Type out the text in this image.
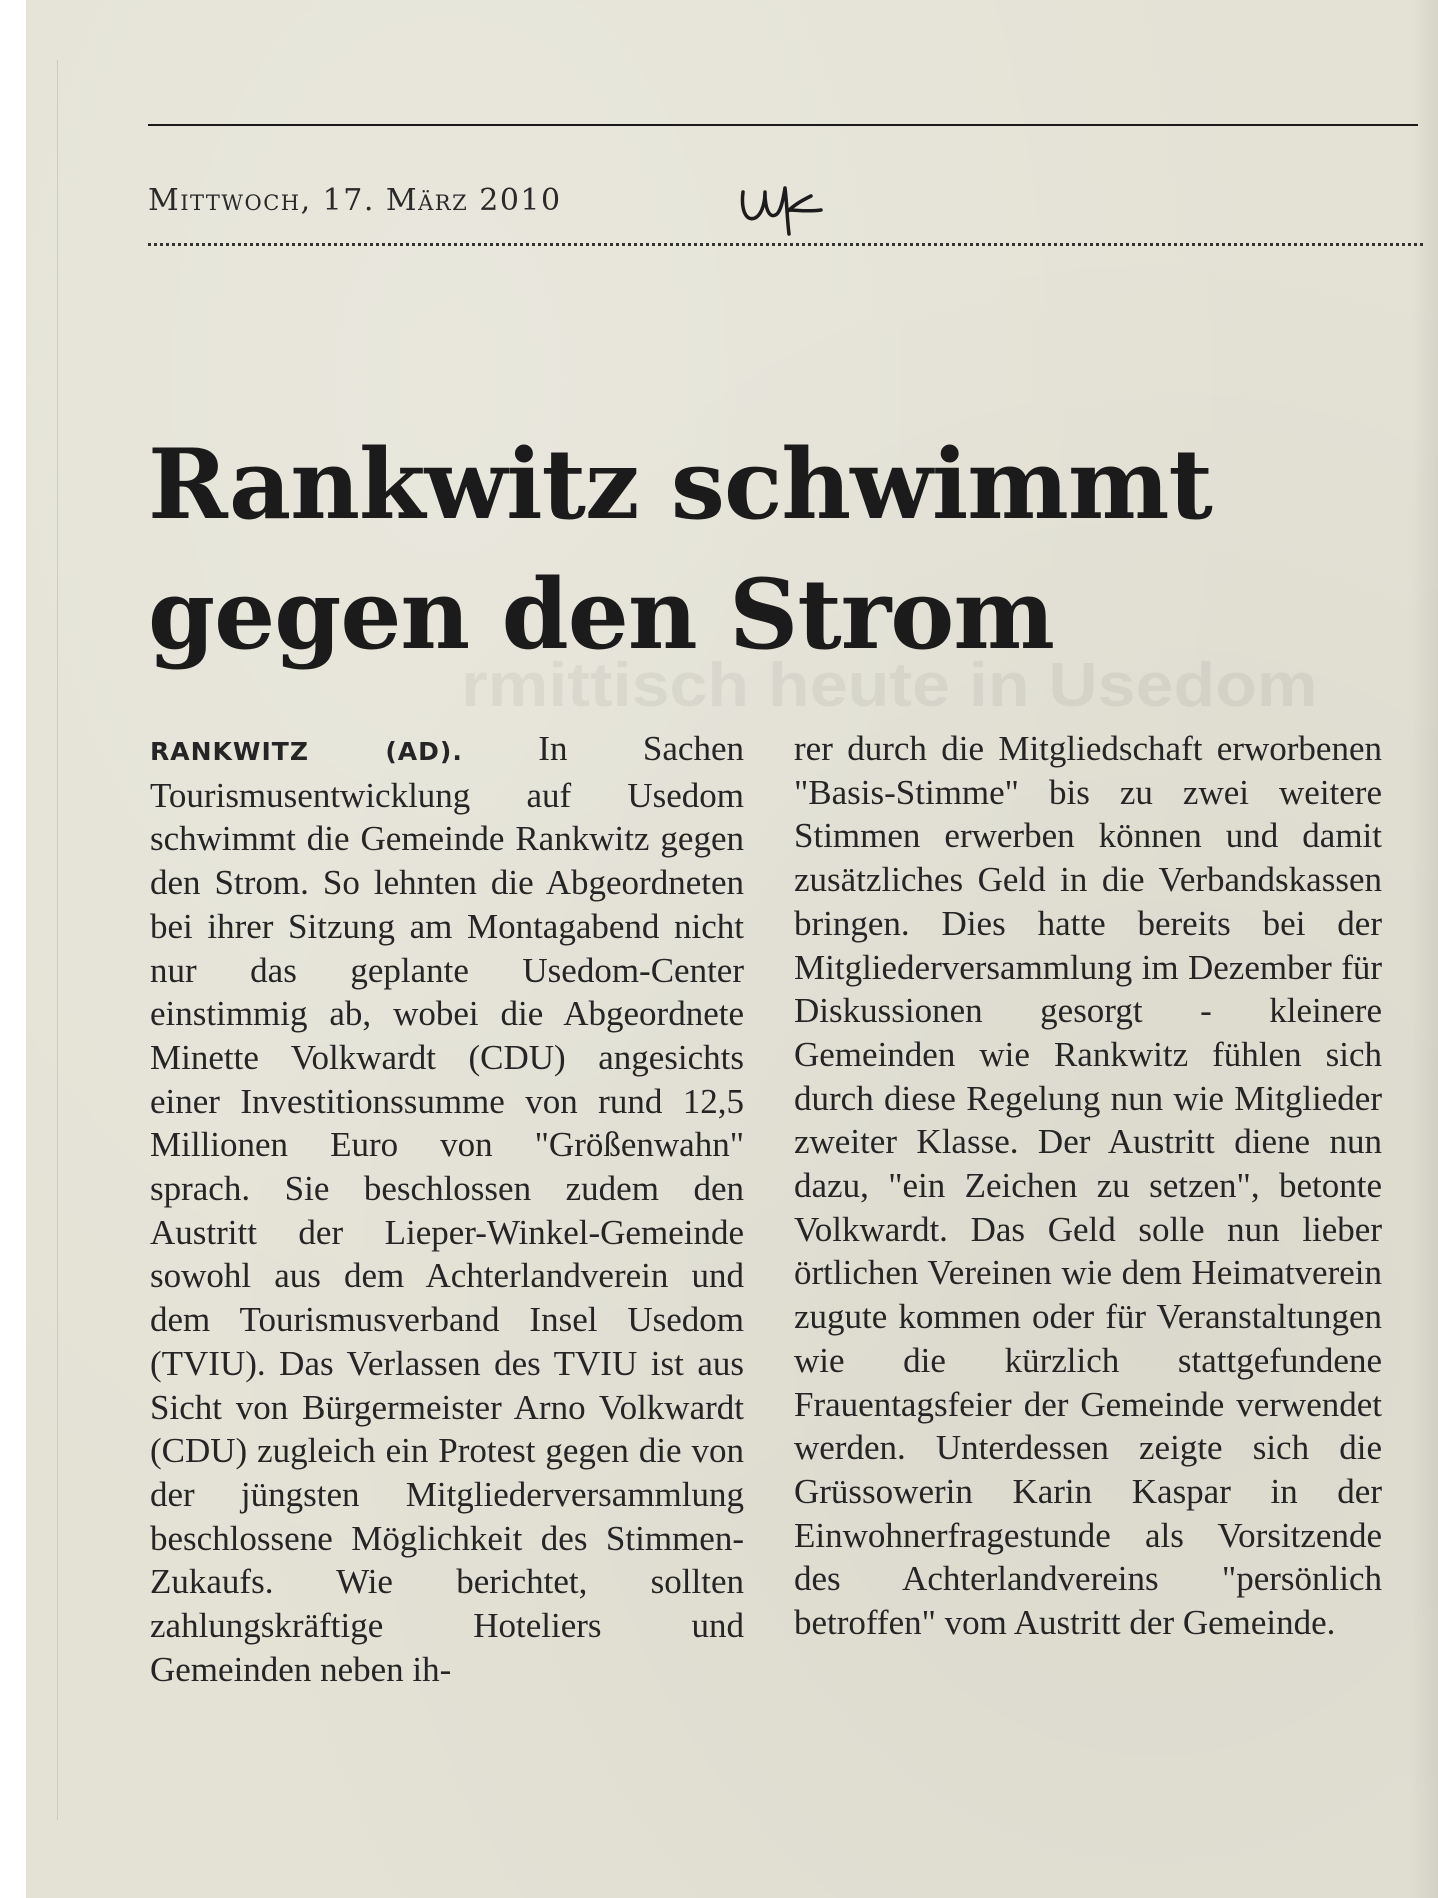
Mittwoch, 17. März 2010
rmittisch heute in Usedom
Rankwitz schwimmt
gegen den Strom

RANKWITZ (AD). In Sachen Tourismusentwicklung auf Usedom schwimmt die Gemeinde Rankwitz gegen den Strom. So lehnten die Abgeordneten bei ihrer Sitzung am Montagabend nicht nur das geplante Usedom-Center einstimmig ab, wobei die Abgeordnete Minette Volkwardt (CDU) angesichts einer Investitionssumme von rund 12,5 Millionen Euro von "Größenwahn" sprach. Sie beschlossen zudem den Austritt der Lieper-Winkel-Gemeinde sowohl aus dem Achterlandverein und dem Tourismusverband Insel Usedom (TVIU). Das Verlassen des TVIU ist aus Sicht von Bürgermeister Arno Volkwardt (CDU) zugleich ein Protest gegen die von der jüngsten Mitgliederversammlung beschlossene Möglichkeit des Stimmen-Zukaufs. Wie berichtet, sollten zahlungskräftige Hoteliers und Gemeinden neben ih-

rer durch die Mitgliedschaft erworbenen "Basis-Stimme" bis zu zwei weitere Stimmen erwerben können und damit zusätzliches Geld in die Verbandskassen bringen. Dies hatte bereits bei der Mitgliederversammlung im Dezember für Diskussionen gesorgt - kleinere Gemeinden wie Rankwitz fühlen sich durch diese Regelung nun wie Mitglieder zweiter Klasse. Der Austritt diene nun dazu, "ein Zeichen zu setzen", betonte Volkwardt. Das Geld solle nun lieber örtlichen Vereinen wie dem Heimatverein zugute kommen oder für Veranstaltungen wie die kürzlich stattgefundene Frauentagsfeier der Gemeinde verwendet werden. Unterdessen zeigte sich die Grüssowerin Karin Kaspar in der Einwohnerfragestunde als Vorsitzende des Achterlandvereins "persönlich betroffen" vom Austritt der Gemeinde.
